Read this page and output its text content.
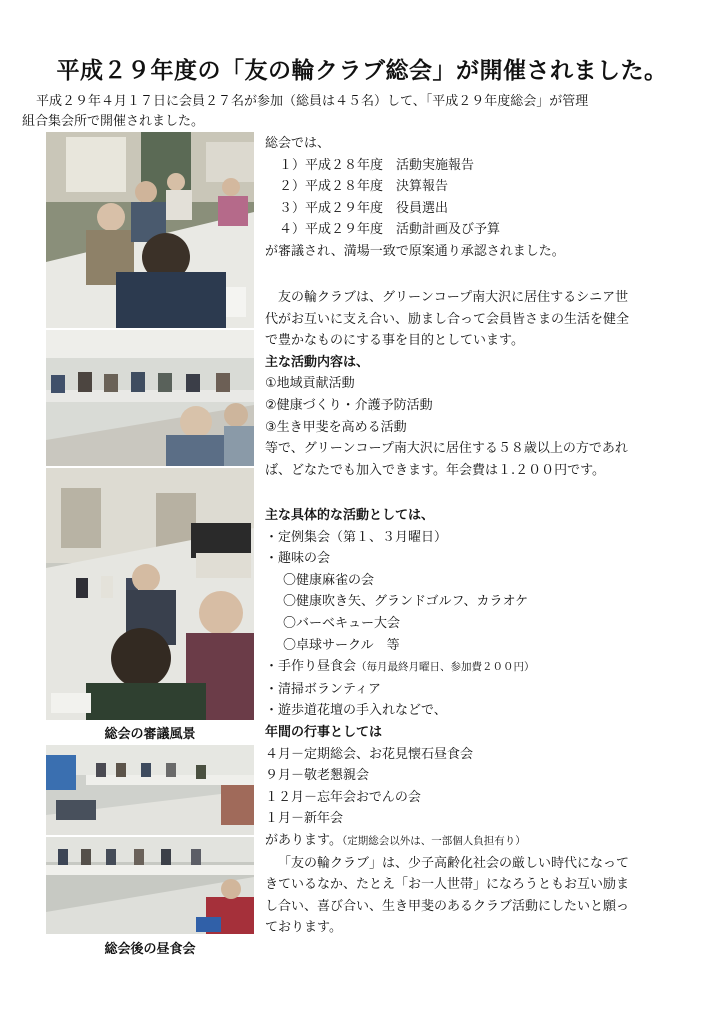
平成２９年度の「友の輪クラブ総会」が開催されました。
平成２９年４月１７日に会員２７名が参加（総員は４５名）して、「平成２９年度総会」が管理
組合集会所で開催されました。
総会の審議風景
総会後の昼食会
総会では、
１）平成２８年度　活動実施報告
２）平成２８年度　決算報告
３）平成２９年度　役員選出
４）平成２９年度　活動計画及び予算
が審議され、満場一致で原案通り承認されました。
友の輪クラブは、グリーンコープ南大沢に居住するシニア世
代がお互いに支え合い、励まし合って会員皆さまの生活を健全
で豊かなものにする事を目的としています。
主な活動内容は、
①地域貢献活動
②健康づくり・介護予防活動
③生き甲斐を高める活動
等で、グリーンコープ南大沢に居住する５８歳以上の方であれ
ば、どなたでも加入できます。年会費は１.２００円です。
主な具体的な活動としては、
・定例集会（第１、３月曜日）
・趣味の会
〇健康麻雀の会
〇健康吹き矢、グランドゴルフ、カラオケ
〇バーベキュー大会
〇卓球サークル　等
・手作り昼食会（毎月最終月曜日、参加費２００円）
・清掃ボランティア
・遊歩道花壇の手入れなどで、
年間の行事としては
４月－定期総会、お花見懐石昼食会
９月－敬老懇親会
１２月－忘年会おでんの会
１月－新年会
があります。（定期総会以外は、一部個人負担有り）
「友の輪クラブ」は、少子高齢化社会の厳しい時代になって
きているなか、たとえ「お一人世帯」になろうともお互い励ま
し合い、喜び合い、生き甲斐のあるクラブ活動にしたいと願っ
ております。
